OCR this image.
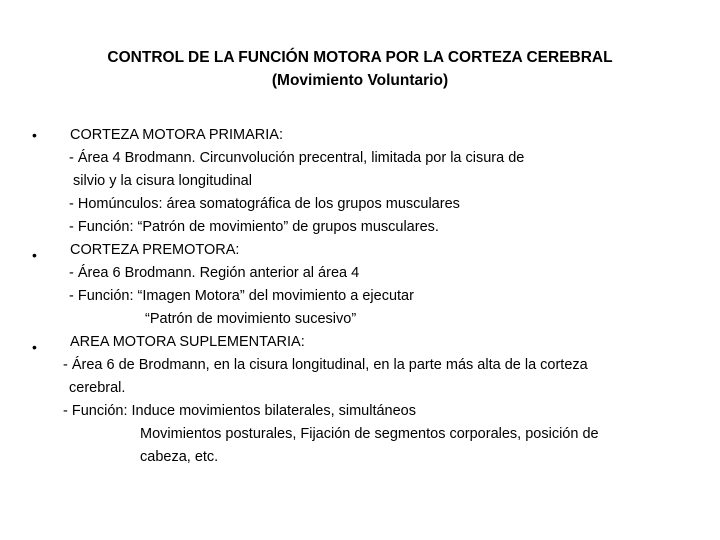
CONTROL DE LA FUNCIÓN MOTORA POR LA CORTEZA CEREBRAL
(Movimiento Voluntario)
• CORTEZA MOTORA PRIMARIA:
- Área 4 Brodmann. Circunvolución precentral, limitada por la cisura de
silvio y la cisura longitudinal
- Homúnculos: área somatográfica de los grupos musculares
- Función: “Patrón de movimiento” de grupos musculares.
• CORTEZA PREMOTORA:
- Área 6 Brodmann. Región anterior al área 4
- Función: “Imagen Motora” del movimiento a ejecutar
“Patrón de movimiento sucesivo”
• AREA MOTORA SUPLEMENTARIA:
- Área 6 de Brodmann, en la cisura longitudinal, en la parte más alta de la corteza
cerebral.
- Función: Induce movimientos bilaterales, simultáneos
Movimientos posturales, Fijación de segmentos corporales, posición de
cabeza, etc.
